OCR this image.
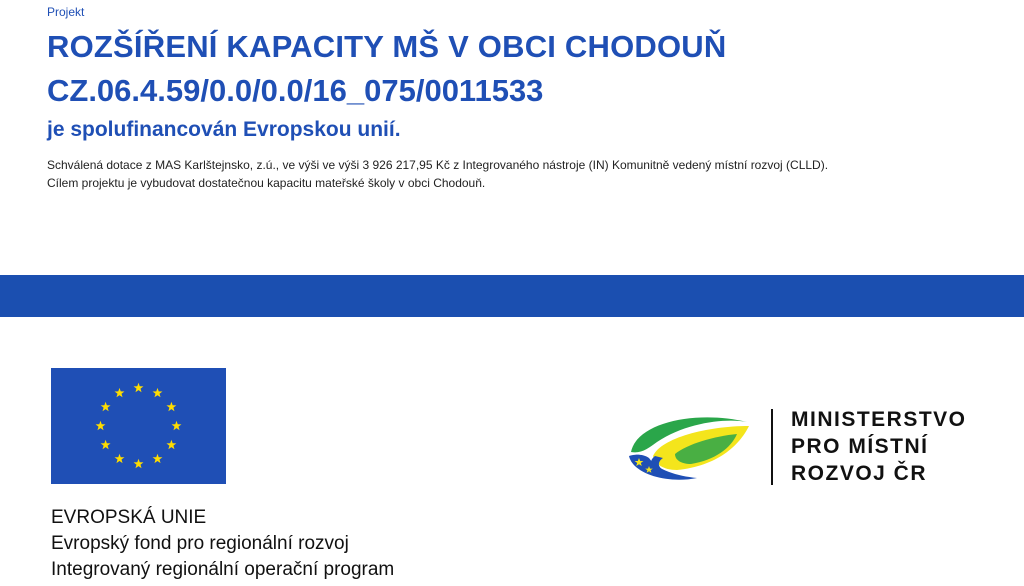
Projekt
ROZŠÍŘENÍ KAPACITY MŠ V OBCI CHODOUŇ
CZ.06.4.59/0.0/0.0/16_075/0011533
je spolufinancován Evropskou unií.
Schválená dotace z MAS Karlštejnsko, z.ú., ve výši ve výši 3 926 217,95 Kč z Integrovaného nástroje (IN) Komunitně vedený místní rozvoj (CLLD).
Cílem projektu je vybudovat dostatečnou kapacitu mateřské školy v obci Chodouň.
EVROPSKÁ UNIE
Evropský fond pro regionální rozvoj
Integrovaný regionální operační program
MINISTERSTVO
PRO MÍSTNÍ
ROZVOJ ČR
